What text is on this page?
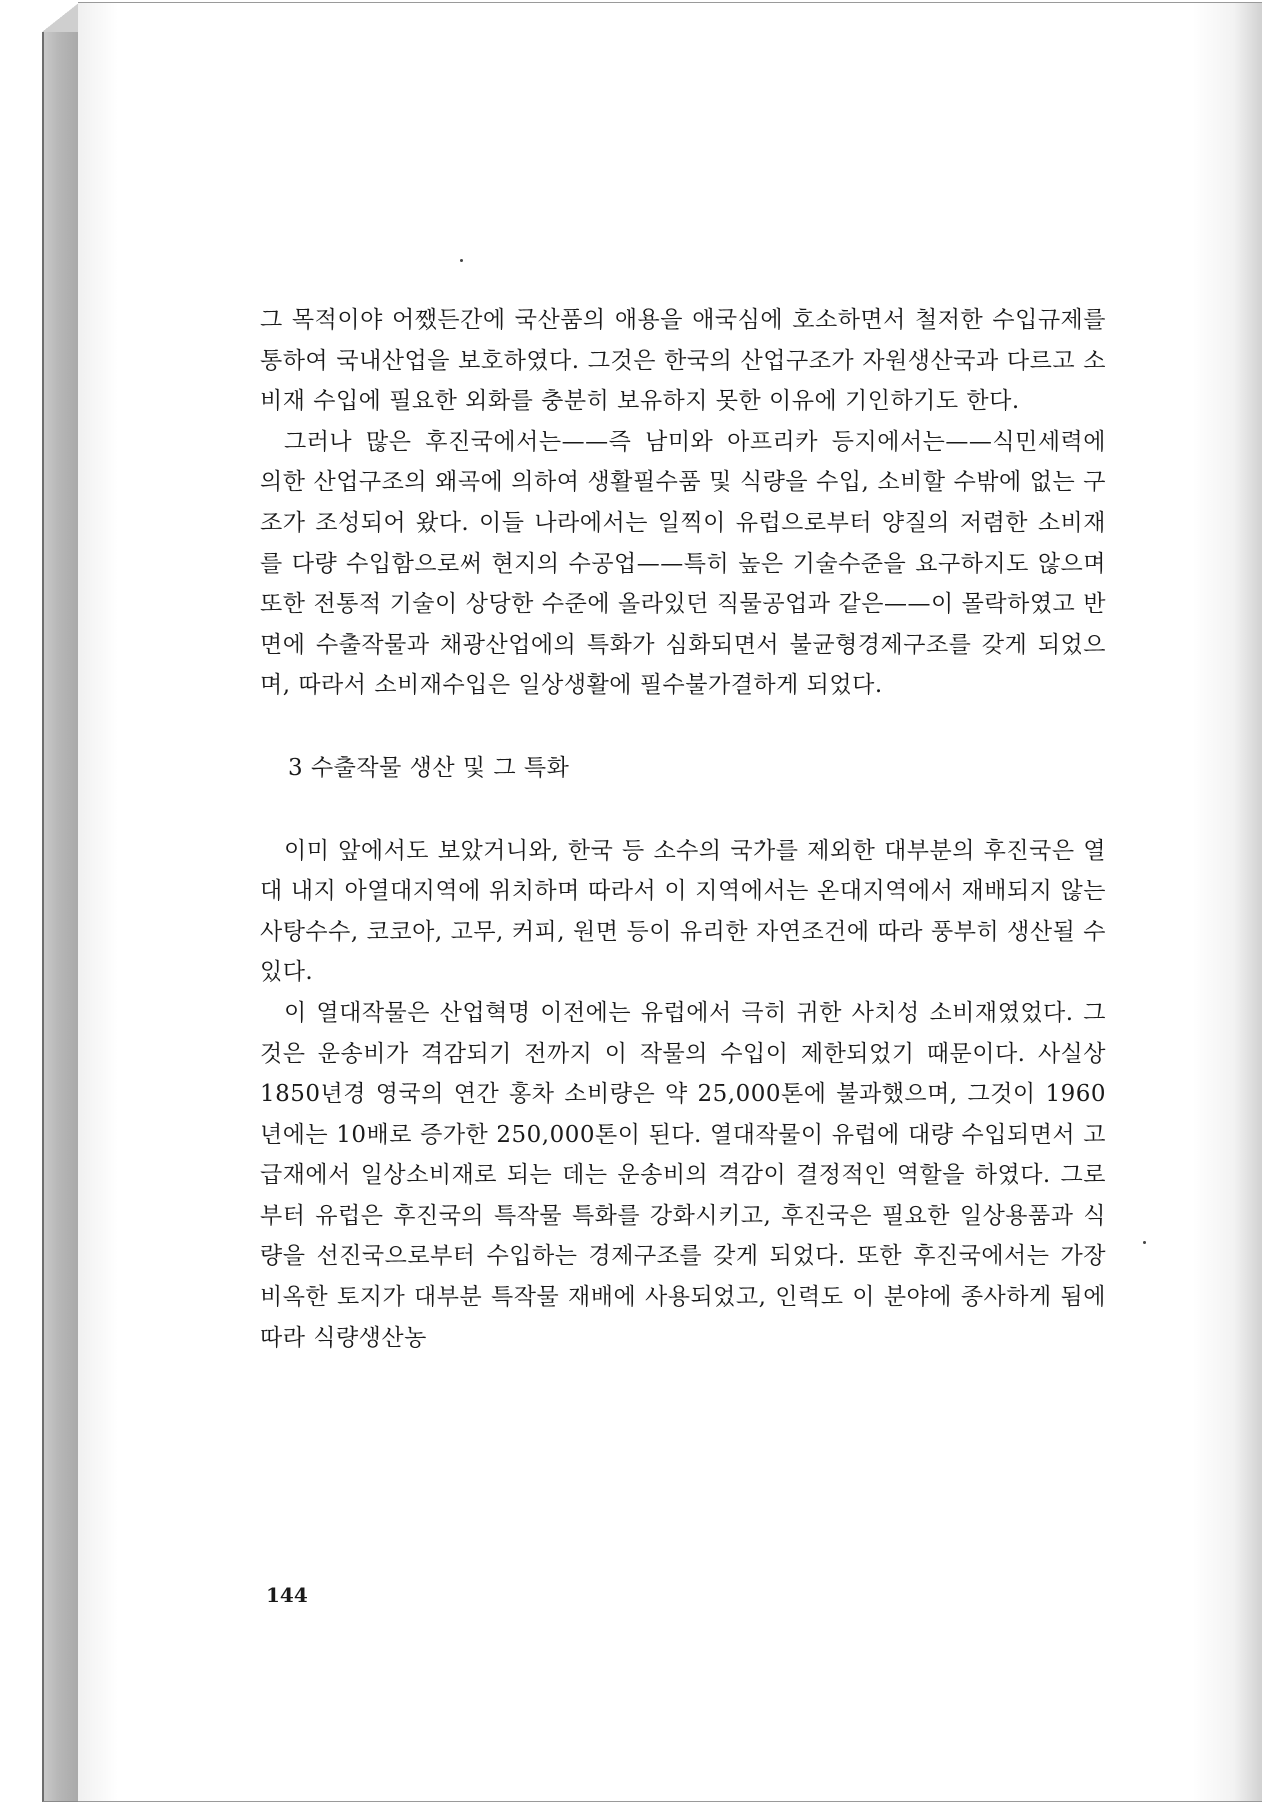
그 목적이야 어쨌든간에 국산품의 애용을 애국심에 호소하면서 철저한 수입규제를 통하여 국내산업을 보호하였다. 그것은 한국의 산업구조가 자원생산국과 다르고 소비재 수입에 필요한 외화를 충분히 보유하지 못한 이유에 기인하기도 한다.

그러나 많은 후진국에서는——즉 남미와 아프리카 등지에서는——식민세력에 의한 산업구조의 왜곡에 의하여 생활필수품 및 식량을 수입, 소비할 수밖에 없는 구조가 조성되어 왔다. 이들 나라에서는 일찍이 유럽으로부터 양질의 저렴한 소비재를 다량 수입함으로써 현지의 수공업——특히 높은 기술수준을 요구하지도 않으며 또한 전통적 기술이 상당한 수준에 올라있던 직물공업과 같은——이 몰락하였고 반면에 수출작물과 채광산업에의 특화가 심화되면서 불균형경제구조를 갖게 되었으며, 따라서 소비재수입은 일상생활에 필수불가결하게 되었다.

3 수출작물 생산 및 그 특화

이미 앞에서도 보았거니와, 한국 등 소수의 국가를 제외한 대부분의 후진국은 열대 내지 아열대지역에 위치하며 따라서 이 지역에서는 온대지역에서 재배되지 않는 사탕수수, 코코아, 고무, 커피, 원면 등이 유리한 자연조건에 따라 풍부히 생산될 수 있다.

이 열대작물은 산업혁명 이전에는 유럽에서 극히 귀한 사치성 소비재였었다. 그것은 운송비가 격감되기 전까지 이 작물의 수입이 제한되었기 때문이다. 사실상 1850년경 영국의 연간 홍차 소비량은 약 25,000톤에 불과했으며, 그것이 1960년에는 10배로 증가한 250,000톤이 된다. 열대작물이 유럽에 대량 수입되면서 고급재에서 일상소비재로 되는 데는 운송비의 격감이 결정적인 역할을 하였다. 그로부터 유럽은 후진국의 특작물 특화를 강화시키고, 후진국은 필요한 일상용품과 식량을 선진국으로부터 수입하는 경제구조를 갖게 되었다. 또한 후진국에서는 가장 비옥한 토지가 대부분 특작물 재배에 사용되었고, 인력도 이 분야에 종사하게 됨에 따라 식량생산농

144
